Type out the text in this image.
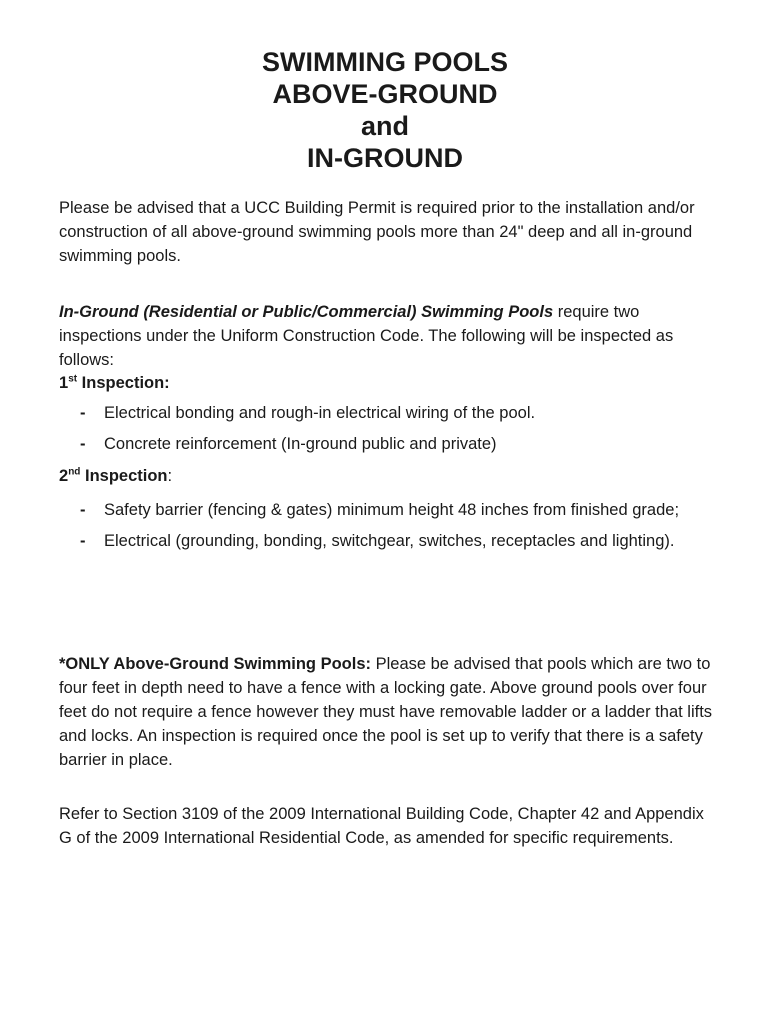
SWIMMING POOLS
ABOVE-GROUND
and
IN-GROUND

Please be advised that a UCC Building Permit is required prior to the installation and/or construction of all above-ground swimming pools more than 24" deep and all in-ground swimming pools.

In-Ground (Residential or Public/Commercial) Swimming Pools require two inspections under the Uniform Construction Code. The following will be inspected as follows:

1st Inspection:

- Electrical bonding and rough-in electrical wiring of the pool.
- Concrete reinforcement (In-ground public and private)

2nd Inspection:

- Safety barrier (fencing & gates) minimum height 48 inches from finished grade;
- Electrical (grounding, bonding, switchgear, switches, receptacles and lighting).

*ONLY Above-Ground Swimming Pools: Please be advised that pools which are two to four feet in depth need to have a fence with a locking gate. Above ground pools over four feet do not require a fence however they must have removable ladder or a ladder that lifts and locks. An inspection is required once the pool is set up to verify that there is a safety barrier in place.

Refer to Section 3109 of the 2009 International Building Code, Chapter 42 and Appendix G of the 2009 International Residential Code, as amended for specific requirements.
